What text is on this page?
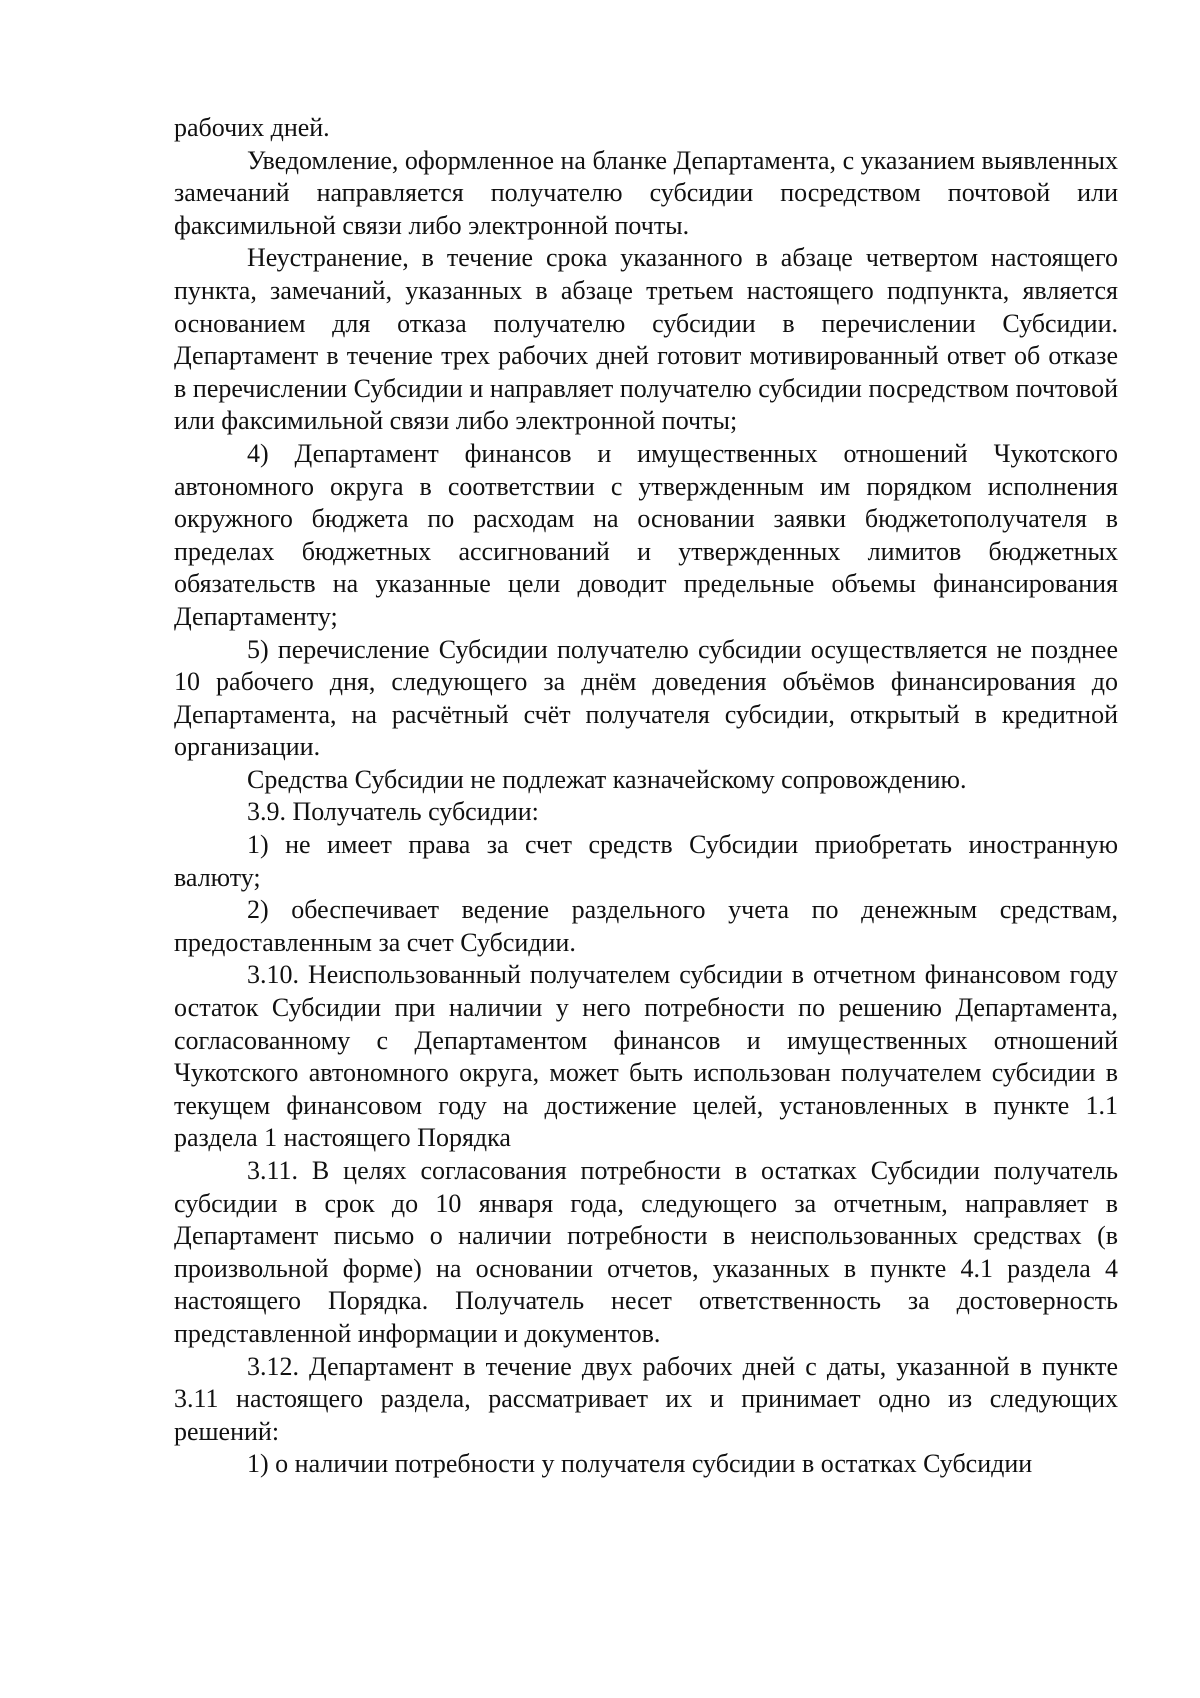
рабочих дней.

Уведомление, оформленное на бланке Департамента, с указанием выявленных замечаний направляется получателю субсидии посредством почтовой или факсимильной связи либо электронной почты.

Неустранение, в течение срока указанного в абзаце четвертом настоящего пункта, замечаний, указанных в абзаце третьем настоящего подпункта, является основанием для отказа получателю субсидии в перечислении Субсидии. Департамент в течение трех рабочих дней готовит мотивированный ответ об отказе в перечислении Субсидии и направляет получателю субсидии посредством почтовой или факсимильной связи либо электронной почты;

4) Департамент финансов и имущественных отношений Чукотского автономного округа в соответствии с утвержденным им порядком исполнения окружного бюджета по расходам на основании заявки бюджетополучателя в пределах бюджетных ассигнований и утвержденных лимитов бюджетных обязательств на указанные цели доводит предельные объемы финансирования Департаменту;

5) перечисление Субсидии получателю субсидии осуществляется не позднее 10 рабочего дня, следующего за днём доведения объёмов финансирования до Департамента, на расчётный счёт получателя субсидии, открытый в кредитной организации.

Средства Субсидии не подлежат казначейскому сопровождению.

3.9. Получатель субсидии:

1) не имеет права за счет средств Субсидии приобретать иностранную валюту;

2) обеспечивает ведение раздельного учета по денежным средствам, предоставленным за счет Субсидии.

3.10. Неиспользованный получателем субсидии в отчетном финансовом году остаток Субсидии при наличии у него потребности по решению Департамента, согласованному с Департаментом финансов и имущественных отношений Чукотского автономного округа, может быть использован получателем субсидии в текущем финансовом году на достижение целей, установленных в пункте 1.1 раздела 1 настоящего Порядка

3.11. В целях согласования потребности в остатках Субсидии получатель субсидии в срок до 10 января года, следующего за отчетным, направляет в Департамент письмо о наличии потребности в неиспользованных средствах (в произвольной форме) на основании отчетов, указанных в пункте 4.1 раздела 4 настоящего Порядка. Получатель несет ответственность за достоверность представленной информации и документов.

3.12. Департамент в течение двух рабочих дней с даты, указанной в пункте 3.11 настоящего раздела, рассматривает их и принимает одно из следующих решений:

1) о наличии потребности у получателя субсидии в остатках Субсидии
